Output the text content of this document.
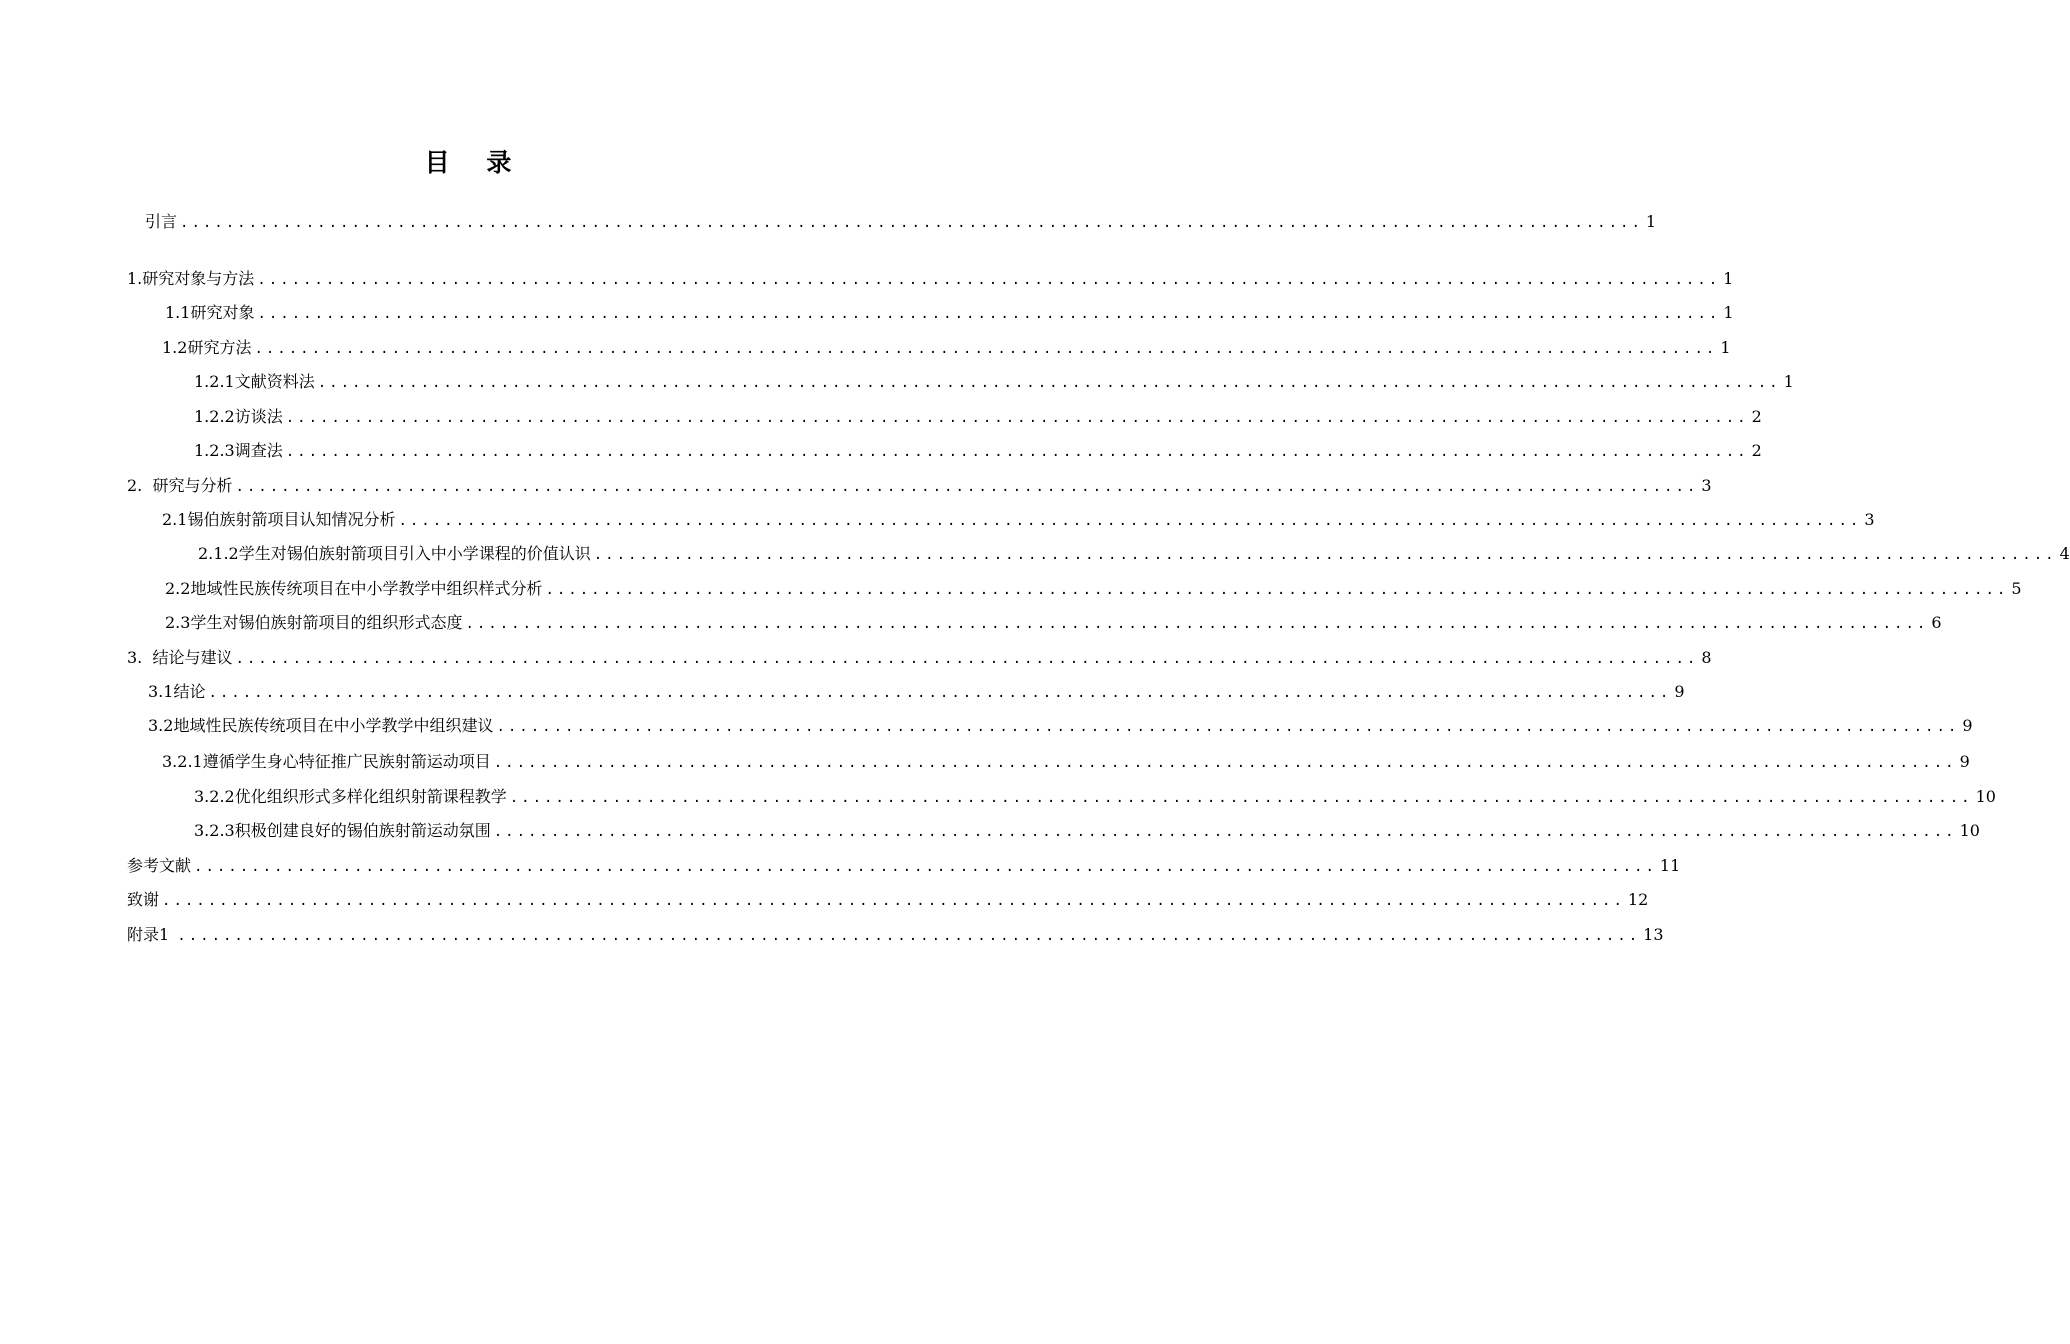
目 录
引言 ................................................................................................................................ 1
1.研究对象与方法 ................................................................................................................................ 1
1.1研究对象 ................................................................................................................................ 1
1.2研究方法 ................................................................................................................................ 1
1.2.1文献资料法 ................................................................................................................................ 1
1.2.2访谈法 ................................................................................................................................ 2
1.2.3调查法 ................................................................................................................................ 2
2.  研究与分析 ................................................................................................................................ 3
2.1锡伯族射箭项目认知情况分析 ................................................................................................................................ 3
2.1.2学生对锡伯族射箭项目引入中小学课程的价值认识 ................................................................................................................................ 4
2.2地域性民族传统项目在中小学教学中组织样式分析 ................................................................................................................................ 5
2.3学生对锡伯族射箭项目的组织形式态度 ................................................................................................................................ 6
3.  结论与建议 ................................................................................................................................ 8
3.1结论 ................................................................................................................................ 9
3.2地域性民族传统项目在中小学教学中组织建议 ................................................................................................................................ 9
3.2.1遵循学生身心特征推广民族射箭运动项目 ................................................................................................................................ 9
3.2.2优化组织形式多样化组织射箭课程教学 ................................................................................................................................ 10
3.2.3积极创建良好的锡伯族射箭运动氛围 ................................................................................................................................ 10
参考文献 ................................................................................................................................ 11
致谢 ................................................................................................................................ 12
附录1 ................................................................................................................................ 13
